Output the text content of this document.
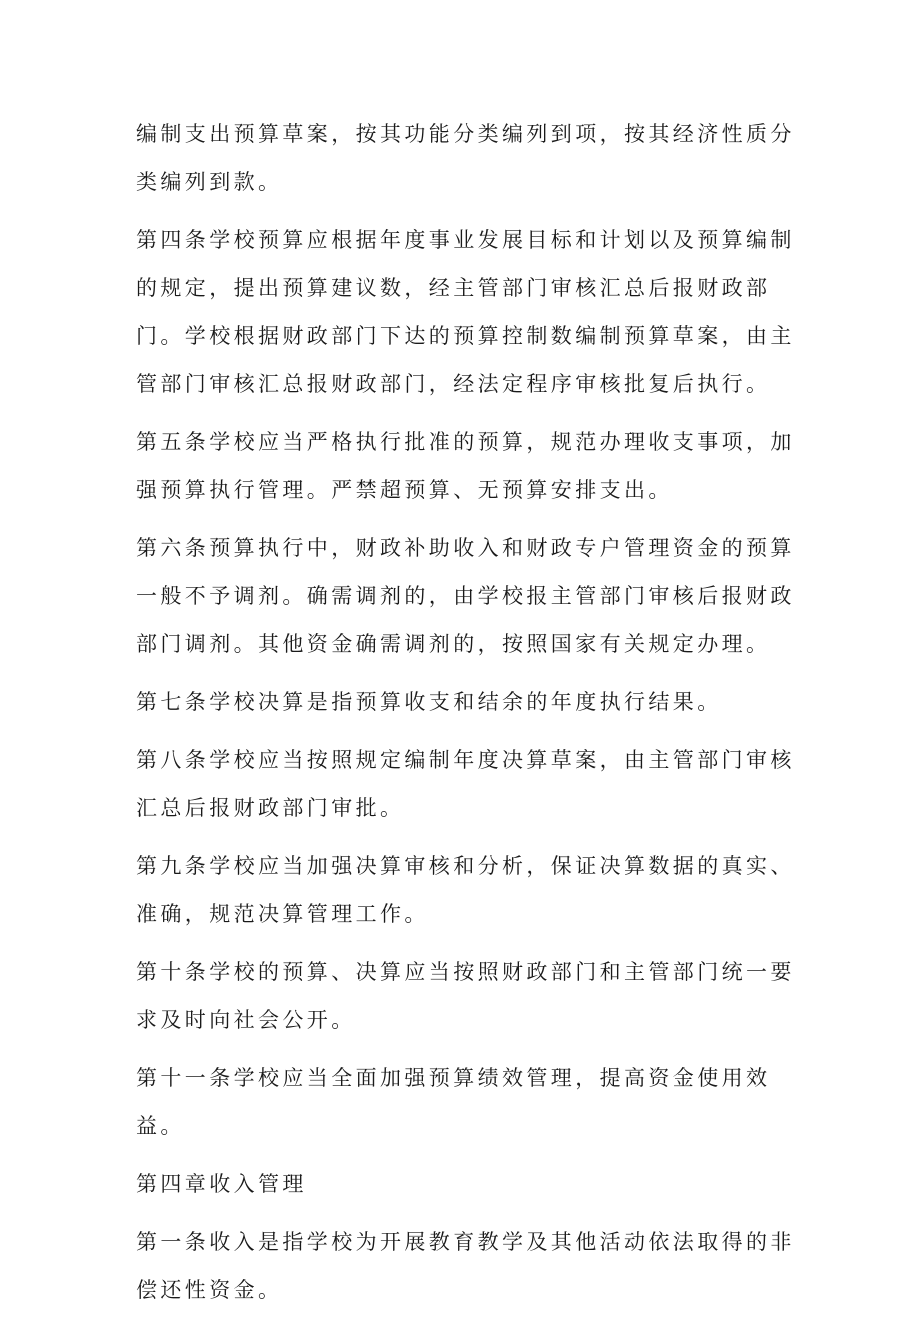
编制支出预算草案，按其功能分类编列到项，按其经济性质分类编列到款。

第四条学校预算应根据年度事业发展目标和计划以及预算编制的规定，提出预算建议数，经主管部门审核汇总后报财政部门。学校根据财政部门下达的预算控制数编制预算草案，由主管部门审核汇总报财政部门，经法定程序审核批复后执行。

第五条学校应当严格执行批准的预算，规范办理收支事项，加强预算执行管理。严禁超预算、无预算安排支出。

第六条预算执行中，财政补助收入和财政专户管理资金的预算一般不予调剂。确需调剂的，由学校报主管部门审核后报财政部门调剂。其他资金确需调剂的，按照国家有关规定办理。

第七条学校决算是指预算收支和结余的年度执行结果。

第八条学校应当按照规定编制年度决算草案，由主管部门审核汇总后报财政部门审批。

第九条学校应当加强决算审核和分析，保证决算数据的真实、准确，规范决算管理工作。

第十条学校的预算、决算应当按照财政部门和主管部门统一要求及时向社会公开。

第十一条学校应当全面加强预算绩效管理，提高资金使用效益。

第四章收入管理

第一条收入是指学校为开展教育教学及其他活动依法取得的非偿还性资金。
